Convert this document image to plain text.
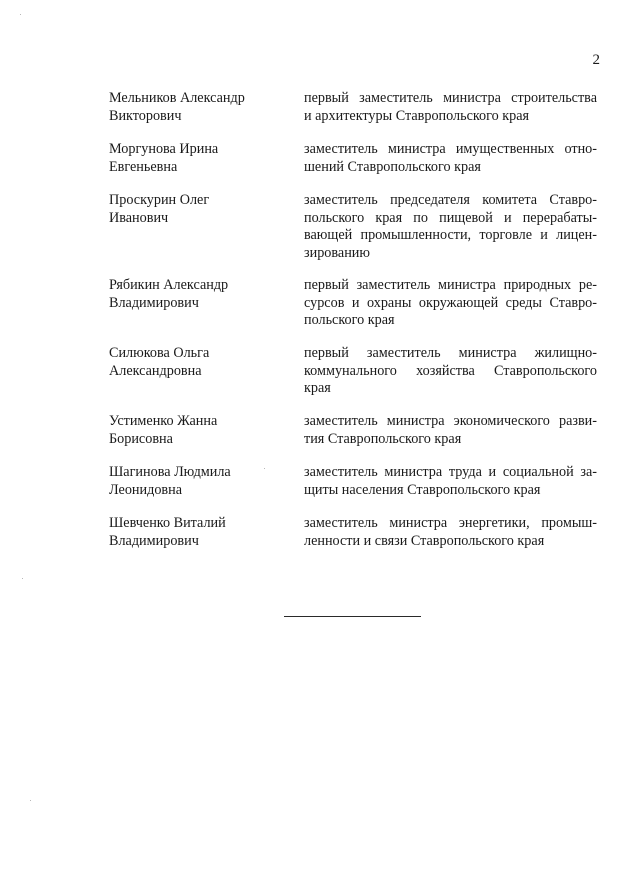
2
Мельников Александр
Викторович
первый заместитель министра строительства
и архитектуры Ставропольского края
Моргунова Ирина
Евгеньевна
заместитель министра имущественных отно-
шений Ставропольского края
Проскурин Олег
Иванович
заместитель председателя комитета Ставро-
польского края по пищевой и перерабаты-
вающей промышленности, торговле и лицен-
зированию
Рябикин Александр
Владимирович
первый заместитель министра природных ре-
сурсов и охраны окружающей среды Ставро-
польского края
Силюкова Ольга
Александровна
первый заместитель министра жилищно-
коммунального хозяйства Ставропольского
края
Устименко Жанна
Борисовна
заместитель министра экономического разви-
тия Ставропольского края
Шагинова Людмила
Леонидовна
заместитель министра труда и социальной за-
щиты населения Ставропольского края
Шевченко Виталий
Владимирович
заместитель министра энергетики, промыш-
ленности и связи Ставропольского края
